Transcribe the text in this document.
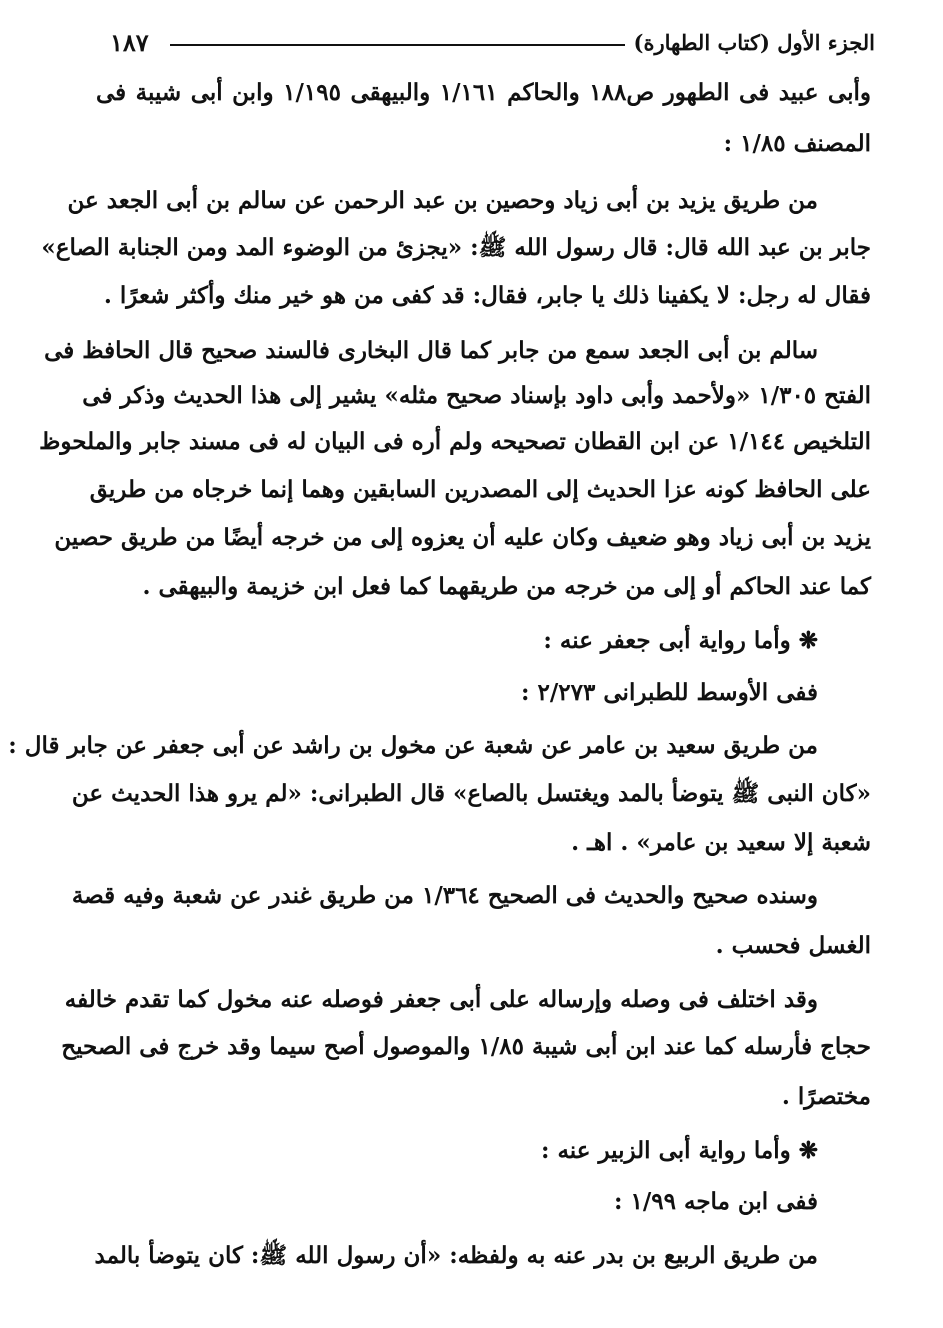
الجزء الأول (كتاب الطهارة)
١٨٧
وأبى عبيد فى الطهور ص١٨٨ والحاكم ١/١٦١ والبيهقى ١/١٩٥ وابن أبى شيبة فى
المصنف ١/٨٥ :
من طريق يزيد بن أبى زياد وحصين بن عبد الرحمن عن سالم بن أبى الجعد عن
جابر بن عبد الله قال: قال رسول الله ﷺ: «يجزئ من الوضوء المد ومن الجنابة الصاع»
فقال له رجل: لا يكفينا ذلك يا جابر، فقال: قد كفى من هو خير منك وأكثر شعرًا .
سالم بن أبى الجعد سمع من جابر كما قال البخارى فالسند صحيح قال الحافظ فى
الفتح ١/٣٠٥ «ولأحمد وأبى داود بإسناد صحيح مثله» يشير إلى هذا الحديث وذكر فى
التلخيص ١/١٤٤ عن ابن القطان تصحيحه ولم أره فى البيان له فى مسند جابر والملحوظ
على الحافظ كونه عزا الحديث إلى المصدرين السابقين وهما إنما خرجاه من طريق
يزيد بن أبى زياد وهو ضعيف وكان عليه أن يعزوه إلى من خرجه أيضًا من طريق حصين
كما عند الحاكم أو إلى من خرجه من طريقهما كما فعل ابن خزيمة والبيهقى .
❋وأما رواية أبى جعفر عنه :
ففى الأوسط للطبرانى ٢/٢٧٣ :
من طريق سعيد بن عامر عن شعبة عن مخول بن راشد عن أبى جعفر عن جابر قال :
«كان النبى ﷺ يتوضأ بالمد ويغتسل بالصاع» قال الطبرانى: «لم يرو هذا الحديث عن
شعبة إلا سعيد بن عامر» . اهـ .
وسنده صحيح والحديث فى الصحيح ١/٣٦٤ من طريق غندر عن شعبة وفيه قصة
الغسل فحسب .
وقد اختلف فى وصله وإرساله على أبى جعفر فوصله عنه مخول كما تقدم خالفه
حجاج فأرسله كما عند ابن أبى شيبة ١/٨٥ والموصول أصح سيما وقد خرج فى الصحيح
مختصرًا .
❋وأما رواية أبى الزبير عنه :
ففى ابن ماجه ١/٩٩ :
من طريق الربيع بن بدر عنه به ولفظه: «أن رسول الله ﷺ: كان يتوضأ بالمد
